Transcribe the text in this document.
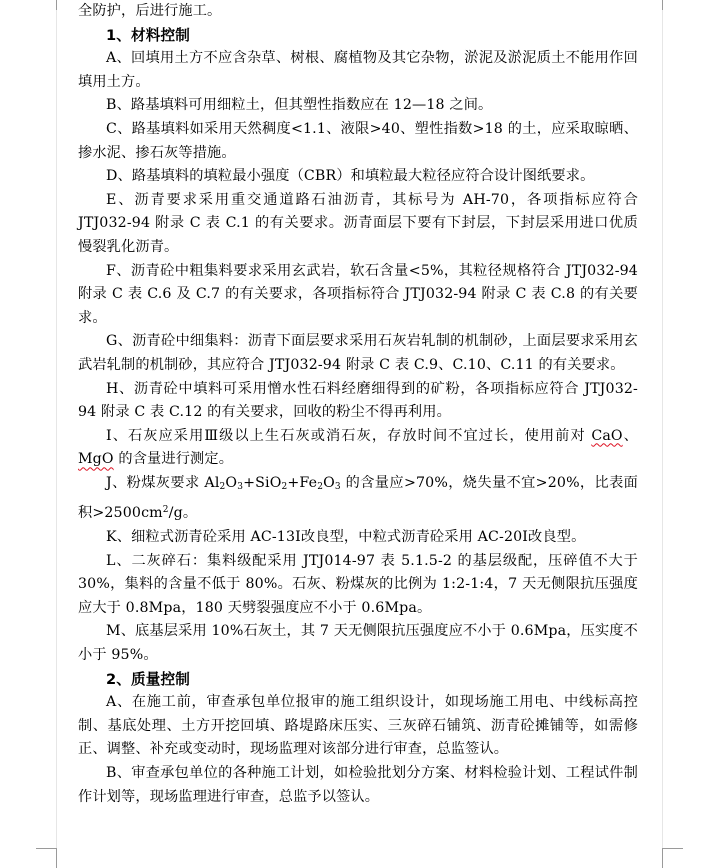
全防护，后进行施工。

1、材料控制

A、回填用土方不应含杂草、树根、腐植物及其它杂物，淤泥及淤泥质土不能用作回填用土方。

B、路基填料可用细粒土，但其塑性指数应在 12—18 之间。

C、路基填料如采用天然稠度<1.1、液限>40、塑性指数>18 的土，应采取晾晒、掺水泥、掺石灰等措施。

D、路基填料的填粒最小强度（CBR）和填粒最大粒径应符合设计图纸要求。

E、沥青要求采用重交通道路石油沥青，其标号为 AH-70，各项指标应符合 JTJ032-94 附录 C 表 C.1 的有关要求。沥青面层下要有下封层，下封层采用进口优质慢裂乳化沥青。

F、沥青砼中粗集料要求采用玄武岩，软石含量<5%，其粒径规格符合 JTJ032-94 附录 C 表 C.6 及 C.7 的有关要求，各项指标符合 JTJ032-94 附录 C 表 C.8 的有关要求。

G、沥青砼中细集料：沥青下面层要求采用石灰岩轧制的机制砂，上面层要求采用玄武岩轧制的机制砂，其应符合 JTJ032-94 附录 C 表 C.9、C.10、C.11 的有关要求。

H、沥青砼中填料可采用憎水性石料经磨细得到的矿粉，各项指标应符合 JTJ032-94 附录 C 表 C.12 的有关要求，回收的粉尘不得再利用。

I、石灰应采用Ⅲ级以上生石灰或消石灰，存放时间不宜过长，使用前对 CaO、MgO 的含量进行测定。

J、粉煤灰要求 $Al_2O_3+SiO_2+Fe_2O_3$ 的含量应>70%，烧失量不宜>20%，比表面积$>2500cm^2/g$。

K、细粒式沥青砼采用 AC-13Ⅰ改良型，中粒式沥青砼采用 AC-20Ⅰ改良型。

L、二灰碎石：集料级配采用 JTJ014-97 表 5.1.5-2 的基层级配，压碎值不大于 30%，集料的含量不低于 80%。石灰、粉煤灰的比例为 1:2-1:4，7 天无侧限抗压强度应大于 0.8Mpa，180 天劈裂强度应不小于 0.6Mpa。

M、底基层采用 10%石灰土，其 7 天无侧限抗压强度应不小于 0.6Mpa，压实度不小于 95%。

2、质量控制

A、在施工前，审查承包单位报审的施工组织设计，如现场施工用电、中线标高控制、基底处理、土方开挖回填、路堤路床压实、三灰碎石铺筑、沥青砼摊铺等，如需修正、调整、补充或变动时，现场监理对该部分进行审查，总监签认。

B、审查承包单位的各种施工计划，如检验批划分方案、材料检验计划、工程试件制作计划等，现场监理进行审查，总监予以签认。
